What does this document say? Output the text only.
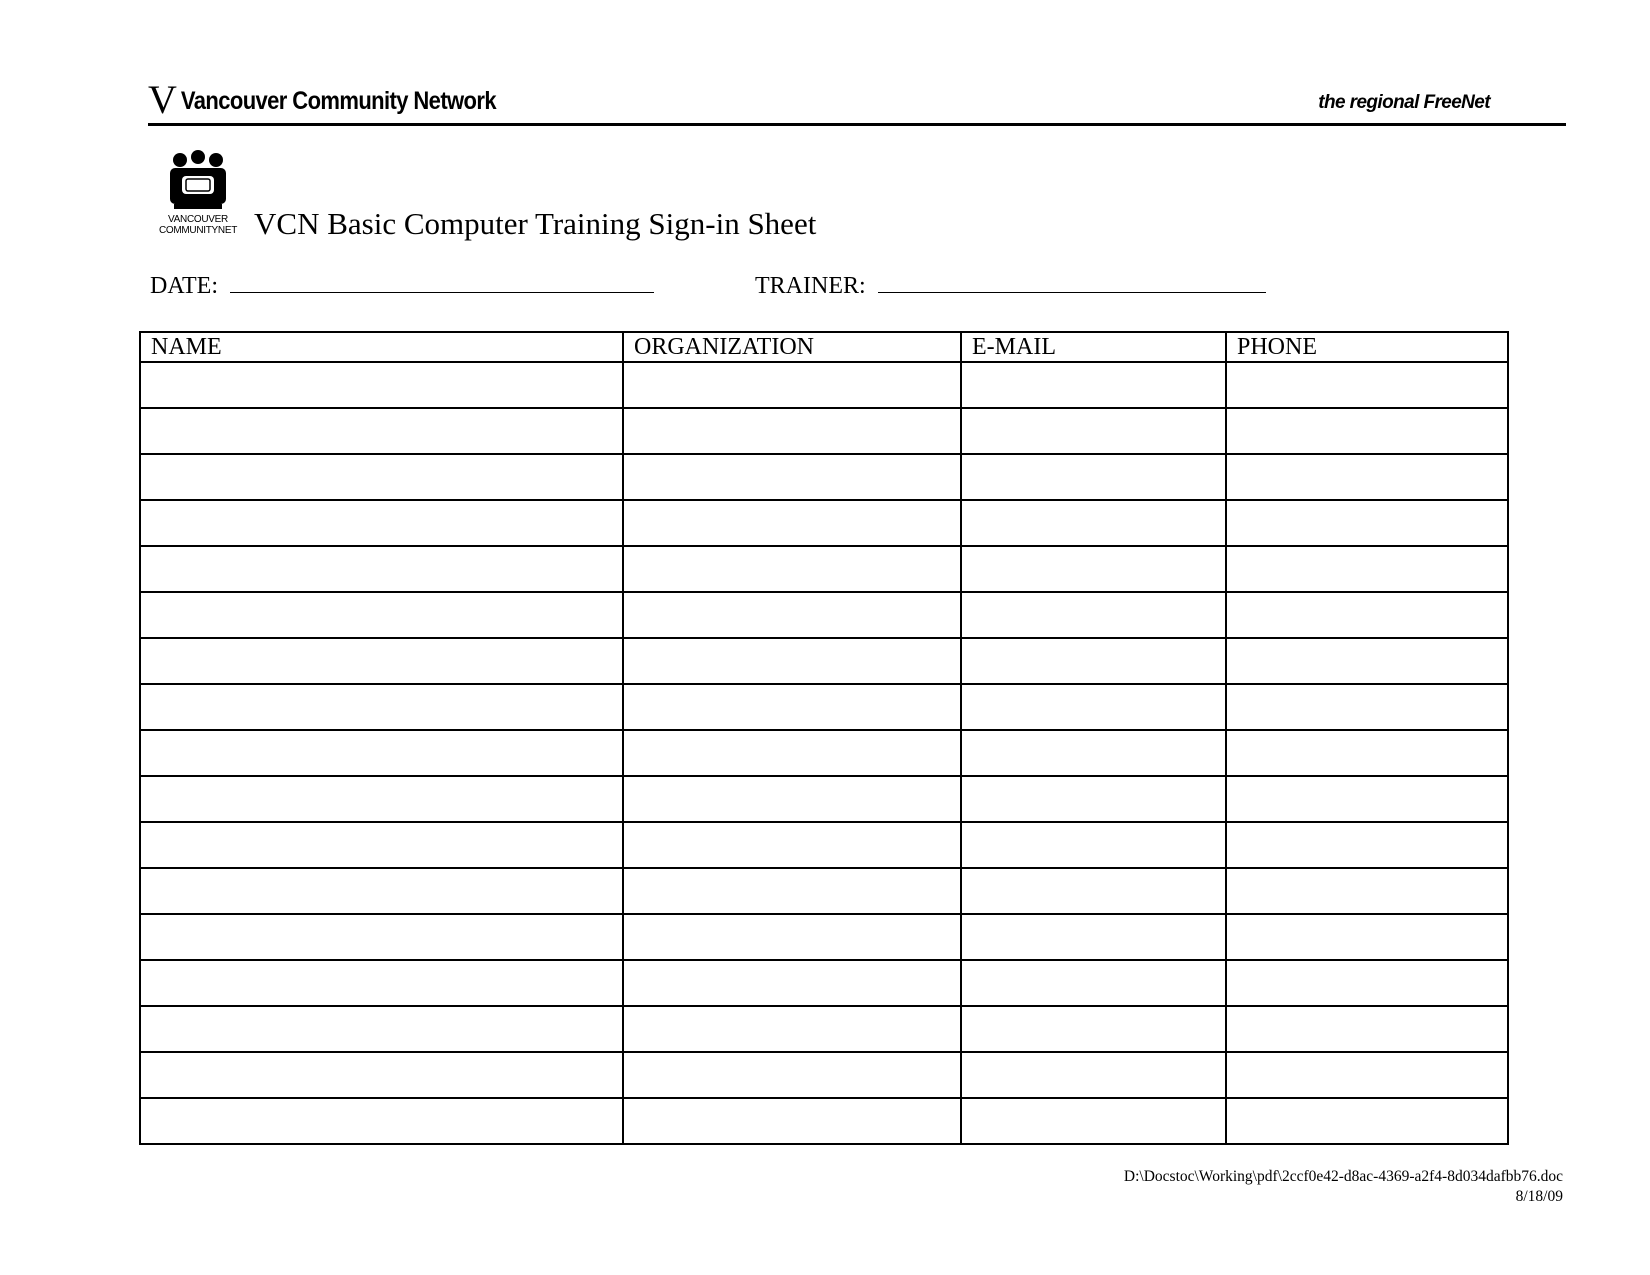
V Vancouver Community Network	the regional FreeNet
VANCOUVER
COMMUNITYNET VCN Basic Computer Training Sign-in Sheet
DATE:	TRAINER:
NAME	ORGANIZATION	E-MAIL	PHONE

D:\Docstoc\Working\pdf\2ccf0e42-d8ac-4369-a2f4-8d034dafbb76.doc
8/18/09
